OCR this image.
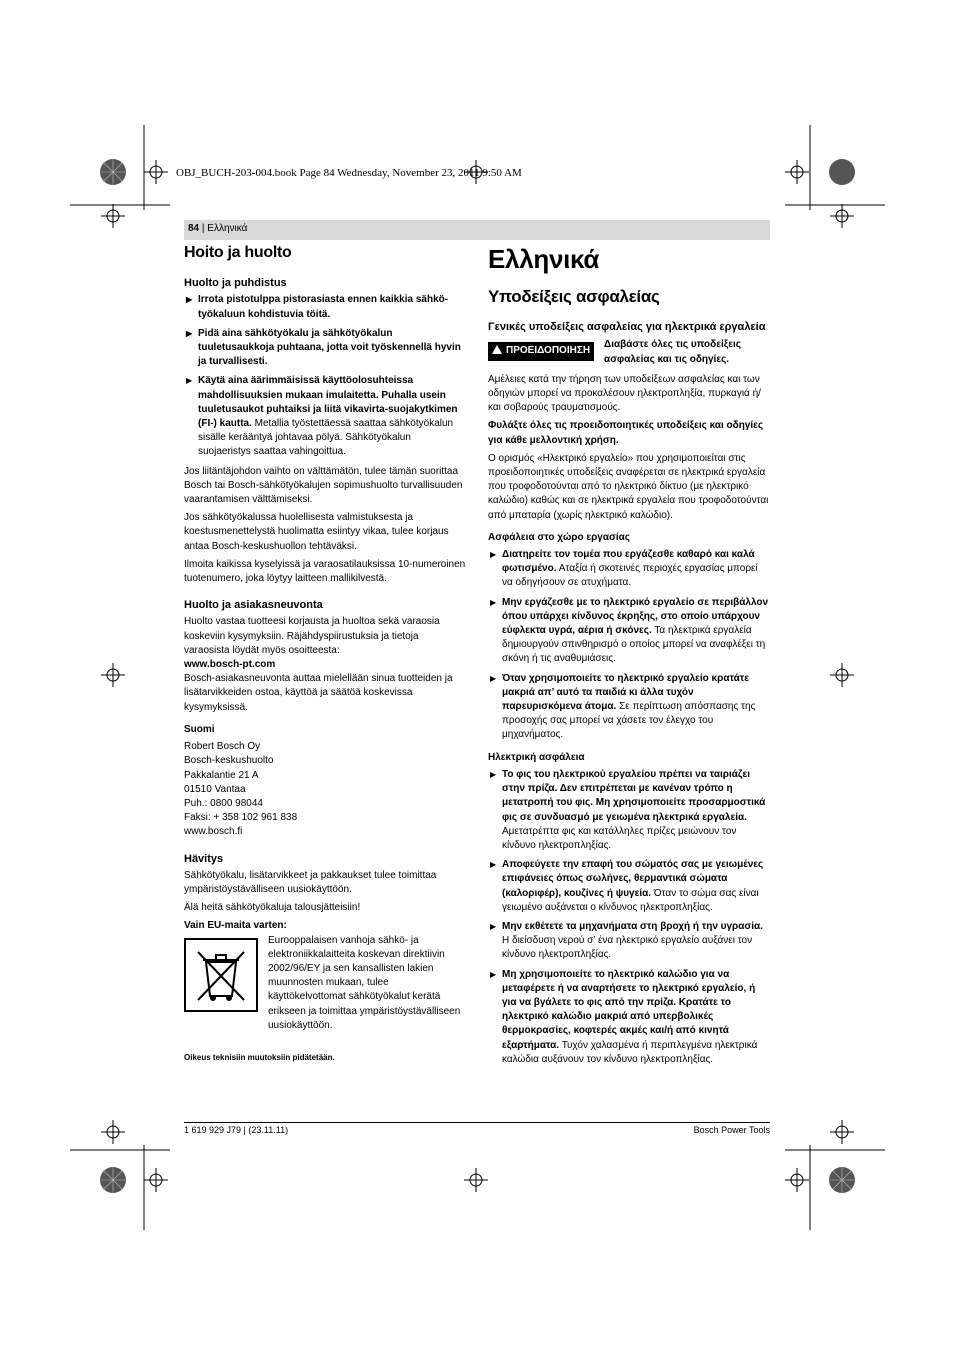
OBJ_BUCH-203-004.book Page 84 Wednesday, November 23, 2011 9:50 AM
84 | Ελληνικά
Hoito ja huolto
Huolto ja puhdistus
▶ Irrota pistotulppa pistorasiasta ennen kaikkia sähkö-työkaluun kohdistuvia töitä.
▶ Pidä aina sähkötyökalu ja sähkötyökalun tuuletusaukkoja puhtaana, jotta voit työskennellä hyvin ja turvallisesti.
▶ Käytä aina äärimmäisissä käyttöolosuhteissa mahdollisuuksien mukaan imulaitetta. Puhalla usein tuuletusaukot puhtaiksi ja liitä vikavirta-suojakytkimen (FI-) kautta. Metallia työstettäessä saattaa sähkötyökalun sisälle kerääntyä johtavaa pölyä. Sähkötyökalun suojaeristys saattaa vahingoittua.

Jos liitäntäjohdon vaihto on välttämätön, tulee tämän suorittaa Bosch tai Bosch-sähkötyökalujen sopimushuolto turvallisuuden vaarantamisen välttämiseksi.

Jos sähkötyökalussa huolellisesta valmistuksesta ja koestusmenettelystä huolimatta esiintyy vikaa, tulee korjaus antaa Bosch-keskushuollon tehtäväksi.

Ilmoita kaikissa kyselyissä ja varaosatilauksissa 10-numeroinen tuotenumero, joka löytyy laitteen mallikilvestä.

Huolto ja asiakasneuvonta

Huolto vastaa tuotteesi korjausta ja huoltoa sekä varaosia koskeviin kysymyksiin. Räjähdyspiirustuksia ja tietoja varaosista löydät myös osoitteesta:

www.bosch-pt.com

Bosch-asiakasneuvonta auttaa mielellään sinua tuotteiden ja lisätarvikkeiden ostoa, käyttöä ja säätöä koskevissa kysymyksissä.

Suomi
Robert Bosch Oy
Bosch-keskushuolto
Pakkalantie 21 A
01510 Vantaa
Puh.: 0800 98044
Faksi: + 358 102 961 838
www.bosch.fi
Hävitys

Sähkötyökalu, lisätarvikkeet ja pakkaukset tulee toimittaa ympäristöystävälliseen uusiokäyttöön.

Älä heitä sähkötyökaluja talousjätteisiin!

Vain EU-maita varten:

Eurooppalaisen vanhoja sähkö- ja elektroniikkalaitteita koskevan direktiivin 2002/96/EY ja sen kansallisten lakien muunnosten mukaan, tulee käyttökelvottomat sähkötyökalut kerätä erikseen ja toimittaa ympäristöystävälliseen uusiokäyttöön.

Oikeus teknisiin muutoksiin pidätetään.

Ελληνικά
Υποδείξεις ασφαλείας
Γενικές υποδείξεις ασφαλείας για ηλεκτρικά εργαλεία
ΠΡΟΕΙΔΟΠΟΙΗΣΗ
Διαβάστε όλες τις υποδείξεις ασφαλείας και τις οδηγίες.

Αμέλειες κατά την τήρηση των υποδείξεων ασφαλείας και των οδηγιών μπορεί να προκαλέσουν ηλεκτροπληξία, πυρκαγιά ή/και σοβαρούς τραυματισμούς.

Φυλάξτε όλες τις προειδοποιητικές υποδείξεις και οδηγίες για κάθε μελλοντική χρήση.

Ο ορισμός «Ηλεκτρικό εργαλείο» που χρησιμοποιείται στις προειδοποιητικές υποδείξεις αναφέρεται σε ηλεκτρικά εργαλεία που τροφοδοτούνται από το ηλεκτρικό δίκτυο (με ηλεκτρικό καλώδιο) καθώς και σε ηλεκτρικά εργαλεία που τροφοδοτούνται από μπαταρία (χωρίς ηλεκτρικό καλώδιο).

Ασφάλεια στο χώρο εργασίας
▶ Διατηρείτε τον τομέα που εργάζεσθε καθαρό και καλά φωτισμένο. Αταξία ή σκοτεινές περιοχές εργασίας μπορεί να οδηγήσουν σε ατυχήματα.
▶ Μην εργάζεσθε με το ηλεκτρικό εργαλείο σε περιβάλλον όπου υπάρχει κίνδυνος έκρηξης, στο οποίο υπάρχουν εύφλεκτα υγρά, αέρια ή σκόνες. Τα ηλεκτρικά εργαλεία δημιουργούν σπινθηρισμό ο οποίος μπορεί να αναφλέξει τη σκόνη ή τις αναθυμιάσεις.
▶ Όταν χρησιμοποιείτε το ηλεκτρικό εργαλείο κρατάτε μακριά απ’ αυτό τα παιδιά κι άλλα τυχόν παρευρισκόμενα άτομα. Σε περίπτωση απόσπασης της προσοχής σας μπορεί να χάσετε τον έλεγχο του μηχανήματος.
Ηλεκτρική ασφάλεια
▶ Το φις του ηλεκτρικού εργαλείου πρέπει να ταιριάζει στην πρίζα. Δεν επιτρέπεται με κανέναν τρόπο η μετατροπή του φις. Μη χρησιμοποιείτε προσαρμοστικά φις σε συνδυασμό με γειωμένα ηλεκτρικά εργαλεία. Αμετατρέπτα φις και κατάλληλες πρίζες μειώνουν τον κίνδυνο ηλεκτροπληξίας.
▶ Αποφεύγετε την επαφή του σώματός σας με γειωμένες επιφάνειες όπως σωλήνες, θερμαντικά σώματα (καλοριφέρ), κουζίνες ή ψυγεία. Όταν το σώμα σας είναι γειωμένο αυξάνεται ο κίνδυνος ηλεκτροπληξίας.
▶ Μην εκθέτετε τα μηχανήματα στη βροχή ή την υγρασία. Η διείσδυση νερού σ’ ένα ηλεκτρικό εργαλείο αυξάνει τον κίνδυνο ηλεκτροπληξίας.
▶ Μη χρησιμοποιείτε το ηλεκτρικό καλώδιο για να μεταφέρετε ή να αναρτήσετε το ηλεκτρικό εργαλείο, ή για να βγάλετε το φις από την πρίζα. Κρατάτε το ηλεκτρικό καλώδιο μακριά από υπερβολικές θερμοκρασίες, κοφτερές ακμές και/ή από κινητά εξαρτήματα. Τυχόν χαλασμένα ή περιπλεγμένα ηλεκτρικά καλώδια αυξάνουν τον κίνδυνο ηλεκτροπληξίας.
1 619 929 J79 | (23.11.11)	Bosch Power Tools
